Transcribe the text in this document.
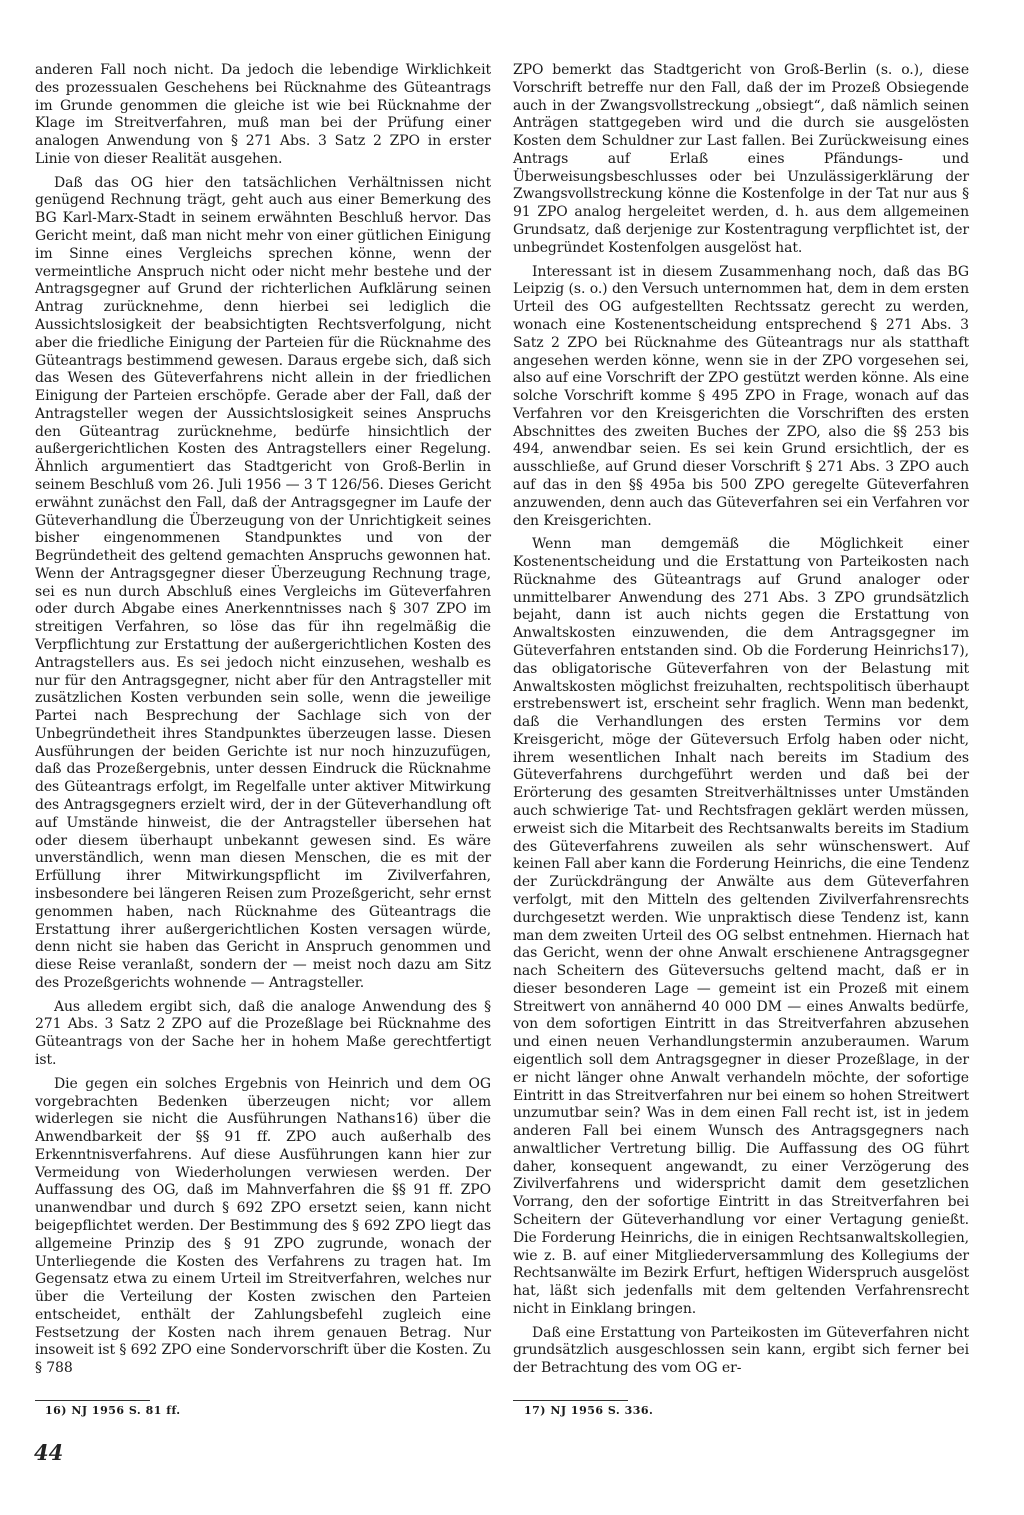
anderen Fall noch nicht. Da jedoch die lebendige Wirklichkeit des prozessualen Geschehens bei Rücknahme des Güteantrags im Grunde genommen die gleiche ist wie bei Rücknahme der Klage im Streitverfahren, muß man bei der Prüfung einer analogen Anwendung von § 271 Abs. 3 Satz 2 ZPO in erster Linie von dieser Realität ausgehen.

Daß das OG hier den tatsächlichen Verhältnissen nicht genügend Rechnung trägt, geht auch aus einer Bemerkung des BG Karl-Marx-Stadt in seinem erwähnten Beschluß hervor. Das Gericht meint, daß man nicht mehr von einer gütlichen Einigung im Sinne eines Vergleichs sprechen könne, wenn der vermeintliche Anspruch nicht oder nicht mehr bestehe und der Antragsgegner auf Grund der richterlichen Aufklärung seinen Antrag zurücknehme, denn hierbei sei lediglich die Aussichtslosigkeit der beabsichtigten Rechtsverfolgung, nicht aber die friedliche Einigung der Parteien für die Rücknahme des Güteantrags bestimmend gewesen. Daraus ergebe sich, daß sich das Wesen des Güteverfahrens nicht allein in der friedlichen Einigung der Parteien erschöpfe. Gerade aber der Fall, daß der Antragsteller wegen der Aussichtslosigkeit seines Anspruchs den Güteantrag zurücknehme, bedürfe hinsichtlich der außergerichtlichen Kosten des Antragstellers einer Regelung. Ähnlich argumentiert das Stadtgericht von Groß-Berlin in seinem Beschluß vom 26. Juli 1956 — 3 T 126/56. Dieses Gericht erwähnt zunächst den Fall, daß der Antragsgegner im Laufe der Güteverhandlung die Überzeugung von der Unrichtigkeit seines bisher eingenommenen Standpunktes und von der Begründetheit des geltend gemachten Anspruchs gewonnen hat. Wenn der Antragsgegner dieser Überzeugung Rechnung trage, sei es nun durch Abschluß eines Vergleichs im Güteverfahren oder durch Abgabe eines Anerkenntnisses nach § 307 ZPO im streitigen Verfahren, so löse das für ihn regelmäßig die Verpflichtung zur Erstattung der außergerichtlichen Kosten des Antragstellers aus. Es sei jedoch nicht einzusehen, weshalb es nur für den Antragsgegner, nicht aber für den Antragsteller mit zusätzlichen Kosten verbunden sein solle, wenn die jeweilige Partei nach Besprechung der Sachlage sich von der Unbegründetheit ihres Standpunktes überzeugen lasse. Diesen Ausführungen der beiden Gerichte ist nur noch hinzuzufügen, daß das Prozeßergebnis, unter dessen Eindruck die Rücknahme des Güteantrags erfolgt, im Regelfalle unter aktiver Mitwirkung des Antragsgegners erzielt wird, der in der Güteverhandlung oft auf Umstände hinweist, die der Antragsteller übersehen hat oder diesem überhaupt unbekannt gewesen sind. Es wäre unverständlich, wenn man diesen Menschen, die es mit der Erfüllung ihrer Mitwirkungspflicht im Zivilverfahren, insbesondere bei längeren Reisen zum Prozeßgericht, sehr ernst genommen haben, nach Rücknahme des Güteantrags die Erstattung ihrer außergerichtlichen Kosten versagen würde, denn nicht sie haben das Gericht in Anspruch genommen und diese Reise veranlaßt, sondern der — meist noch dazu am Sitz des Prozeßgerichts wohnende — Antragsteller.

Aus alledem ergibt sich, daß die analoge Anwendung des § 271 Abs. 3 Satz 2 ZPO auf die Prozeßlage bei Rücknahme des Güteantrags von der Sache her in hohem Maße gerechtfertigt ist.

Die gegen ein solches Ergebnis von Heinrich und dem OG vorgebrachten Bedenken überzeugen nicht; vor allem widerlegen sie nicht die Ausführungen Nathans16) über die Anwendbarkeit der §§ 91 ff. ZPO auch außerhalb des Erkenntnisverfahrens. Auf diese Ausführungen kann hier zur Vermeidung von Wiederholungen verwiesen werden. Der Auffassung des OG, daß im Mahnverfahren die §§ 91 ff. ZPO unanwendbar und durch § 692 ZPO ersetzt seien, kann nicht beigepflichtet werden. Der Bestimmung des § 692 ZPO liegt das allgemeine Prinzip des § 91 ZPO zugrunde, wonach der Unterliegende die Kosten des Verfahrens zu tragen hat. Im Gegensatz etwa zu einem Urteil im Streitverfahren, welches nur über die Verteilung der Kosten zwischen den Parteien entscheidet, enthält der Zahlungsbefehl zugleich eine Festsetzung der Kosten nach ihrem genauen Betrag. Nur insoweit ist § 692 ZPO eine Sondervorschrift über die Kosten. Zu § 788

ZPO bemerkt das Stadtgericht von Groß-Berlin (s. o.), diese Vorschrift betreffe nur den Fall, daß der im Prozeß Obsiegende auch in der Zwangsvollstreckung „obsiegt“, daß nämlich seinen Anträgen stattgegeben wird und die durch sie ausgelösten Kosten dem Schuldner zur Last fallen. Bei Zurückweisung eines Antrags auf Erlaß eines Pfändungs- und Überweisungsbeschlusses oder bei Unzulässigerklärung der Zwangsvollstreckung könne die Kostenfolge in der Tat nur aus § 91 ZPO analog hergeleitet werden, d. h. aus dem allgemeinen Grundsatz, daß derjenige zur Kostentragung verpflichtet ist, der unbegründet Kostenfolgen ausgelöst hat.

Interessant ist in diesem Zusammenhang noch, daß das BG Leipzig (s. o.) den Versuch unternommen hat, dem in dem ersten Urteil des OG aufgestellten Rechtssatz gerecht zu werden, wonach eine Kostenentscheidung entsprechend § 271 Abs. 3 Satz 2 ZPO bei Rücknahme des Güteantrags nur als statthaft angesehen werden könne, wenn sie in der ZPO vorgesehen sei, also auf eine Vorschrift der ZPO gestützt werden könne. Als eine solche Vorschrift komme § 495 ZPO in Frage, wonach auf das Verfahren vor den Kreisgerichten die Vorschriften des ersten Abschnittes des zweiten Buches der ZPO, also die §§ 253 bis 494, anwendbar seien. Es sei kein Grund ersichtlich, der es ausschließe, auf Grund dieser Vorschrift § 271 Abs. 3 ZPO auch auf das in den §§ 495a bis 500 ZPO geregelte Güteverfahren anzuwenden, denn auch das Güteverfahren sei ein Verfahren vor den Kreisgerichten.

Wenn man demgemäß die Möglichkeit einer Kostenentscheidung und die Erstattung von Parteikosten nach Rücknahme des Güteantrags auf Grund analoger oder unmittelbarer Anwendung des 271 Abs. 3 ZPO grundsätzlich bejaht, dann ist auch nichts gegen die Erstattung von Anwaltskosten einzuwenden, die dem Antragsgegner im Güteverfahren entstanden sind. Ob die Forderung Heinrichs17), das obligatorische Güteverfahren von der Belastung mit Anwaltskosten möglichst freizuhalten, rechtspolitisch überhaupt erstrebenswert ist, erscheint sehr fraglich. Wenn man bedenkt, daß die Verhandlungen des ersten Termins vor dem Kreisgericht, möge der Güteversuch Erfolg haben oder nicht, ihrem wesentlichen Inhalt nach bereits im Stadium des Güteverfahrens durchgeführt werden und daß bei der Erörterung des gesamten Streitverhältnisses unter Umständen auch schwierige Tat- und Rechtsfragen geklärt werden müssen, erweist sich die Mitarbeit des Rechtsanwalts bereits im Stadium des Güteverfahrens zuweilen als sehr wünschenswert. Auf keinen Fall aber kann die Forderung Heinrichs, die eine Tendenz der Zurückdrängung der Anwälte aus dem Güteverfahren verfolgt, mit den Mitteln des geltenden Zivilverfahrensrechts durchgesetzt werden. Wie unpraktisch diese Tendenz ist, kann man dem zweiten Urteil des OG selbst entnehmen. Hiernach hat das Gericht, wenn der ohne Anwalt erschienene Antragsgegner nach Scheitern des Güteversuchs geltend macht, daß er in dieser besonderen Lage — gemeint ist ein Prozeß mit einem Streitwert von annähernd 40 000 DM — eines Anwalts bedürfe, von dem sofortigen Eintritt in das Streitverfahren abzusehen und einen neuen Verhandlungstermin anzuberaumen. Warum eigentlich soll dem Antragsgegner in dieser Prozeßlage, in der er nicht länger ohne Anwalt verhandeln möchte, der sofortige Eintritt in das Streitverfahren nur bei einem so hohen Streitwert unzumutbar sein? Was in dem einen Fall recht ist, ist in jedem anderen Fall bei einem Wunsch des Antragsgegners nach anwaltlicher Vertretung billig. Die Auffassung des OG führt daher, konsequent angewandt, zu einer Verzögerung des Zivilverfahrens und widerspricht damit dem gesetzlichen Vorrang, den der sofortige Eintritt in das Streitverfahren bei Scheitern der Güteverhandlung vor einer Vertagung genießt. Die Forderung Heinrichs, die in einigen Rechtsanwaltskollegien, wie z. B. auf einer Mitgliederversammlung des Kollegiums der Rechtsanwälte im Bezirk Erfurt, heftigen Widerspruch ausgelöst hat, läßt sich jedenfalls mit dem geltenden Verfahrensrecht nicht in Einklang bringen.

Daß eine Erstattung von Parteikosten im Güteverfahren nicht grundsätzlich ausgeschlossen sein kann, ergibt sich ferner bei der Betrachtung des vom OG er-

16) NJ 1956 S. 81 ff.	17) NJ 1956 S. 336.
44
